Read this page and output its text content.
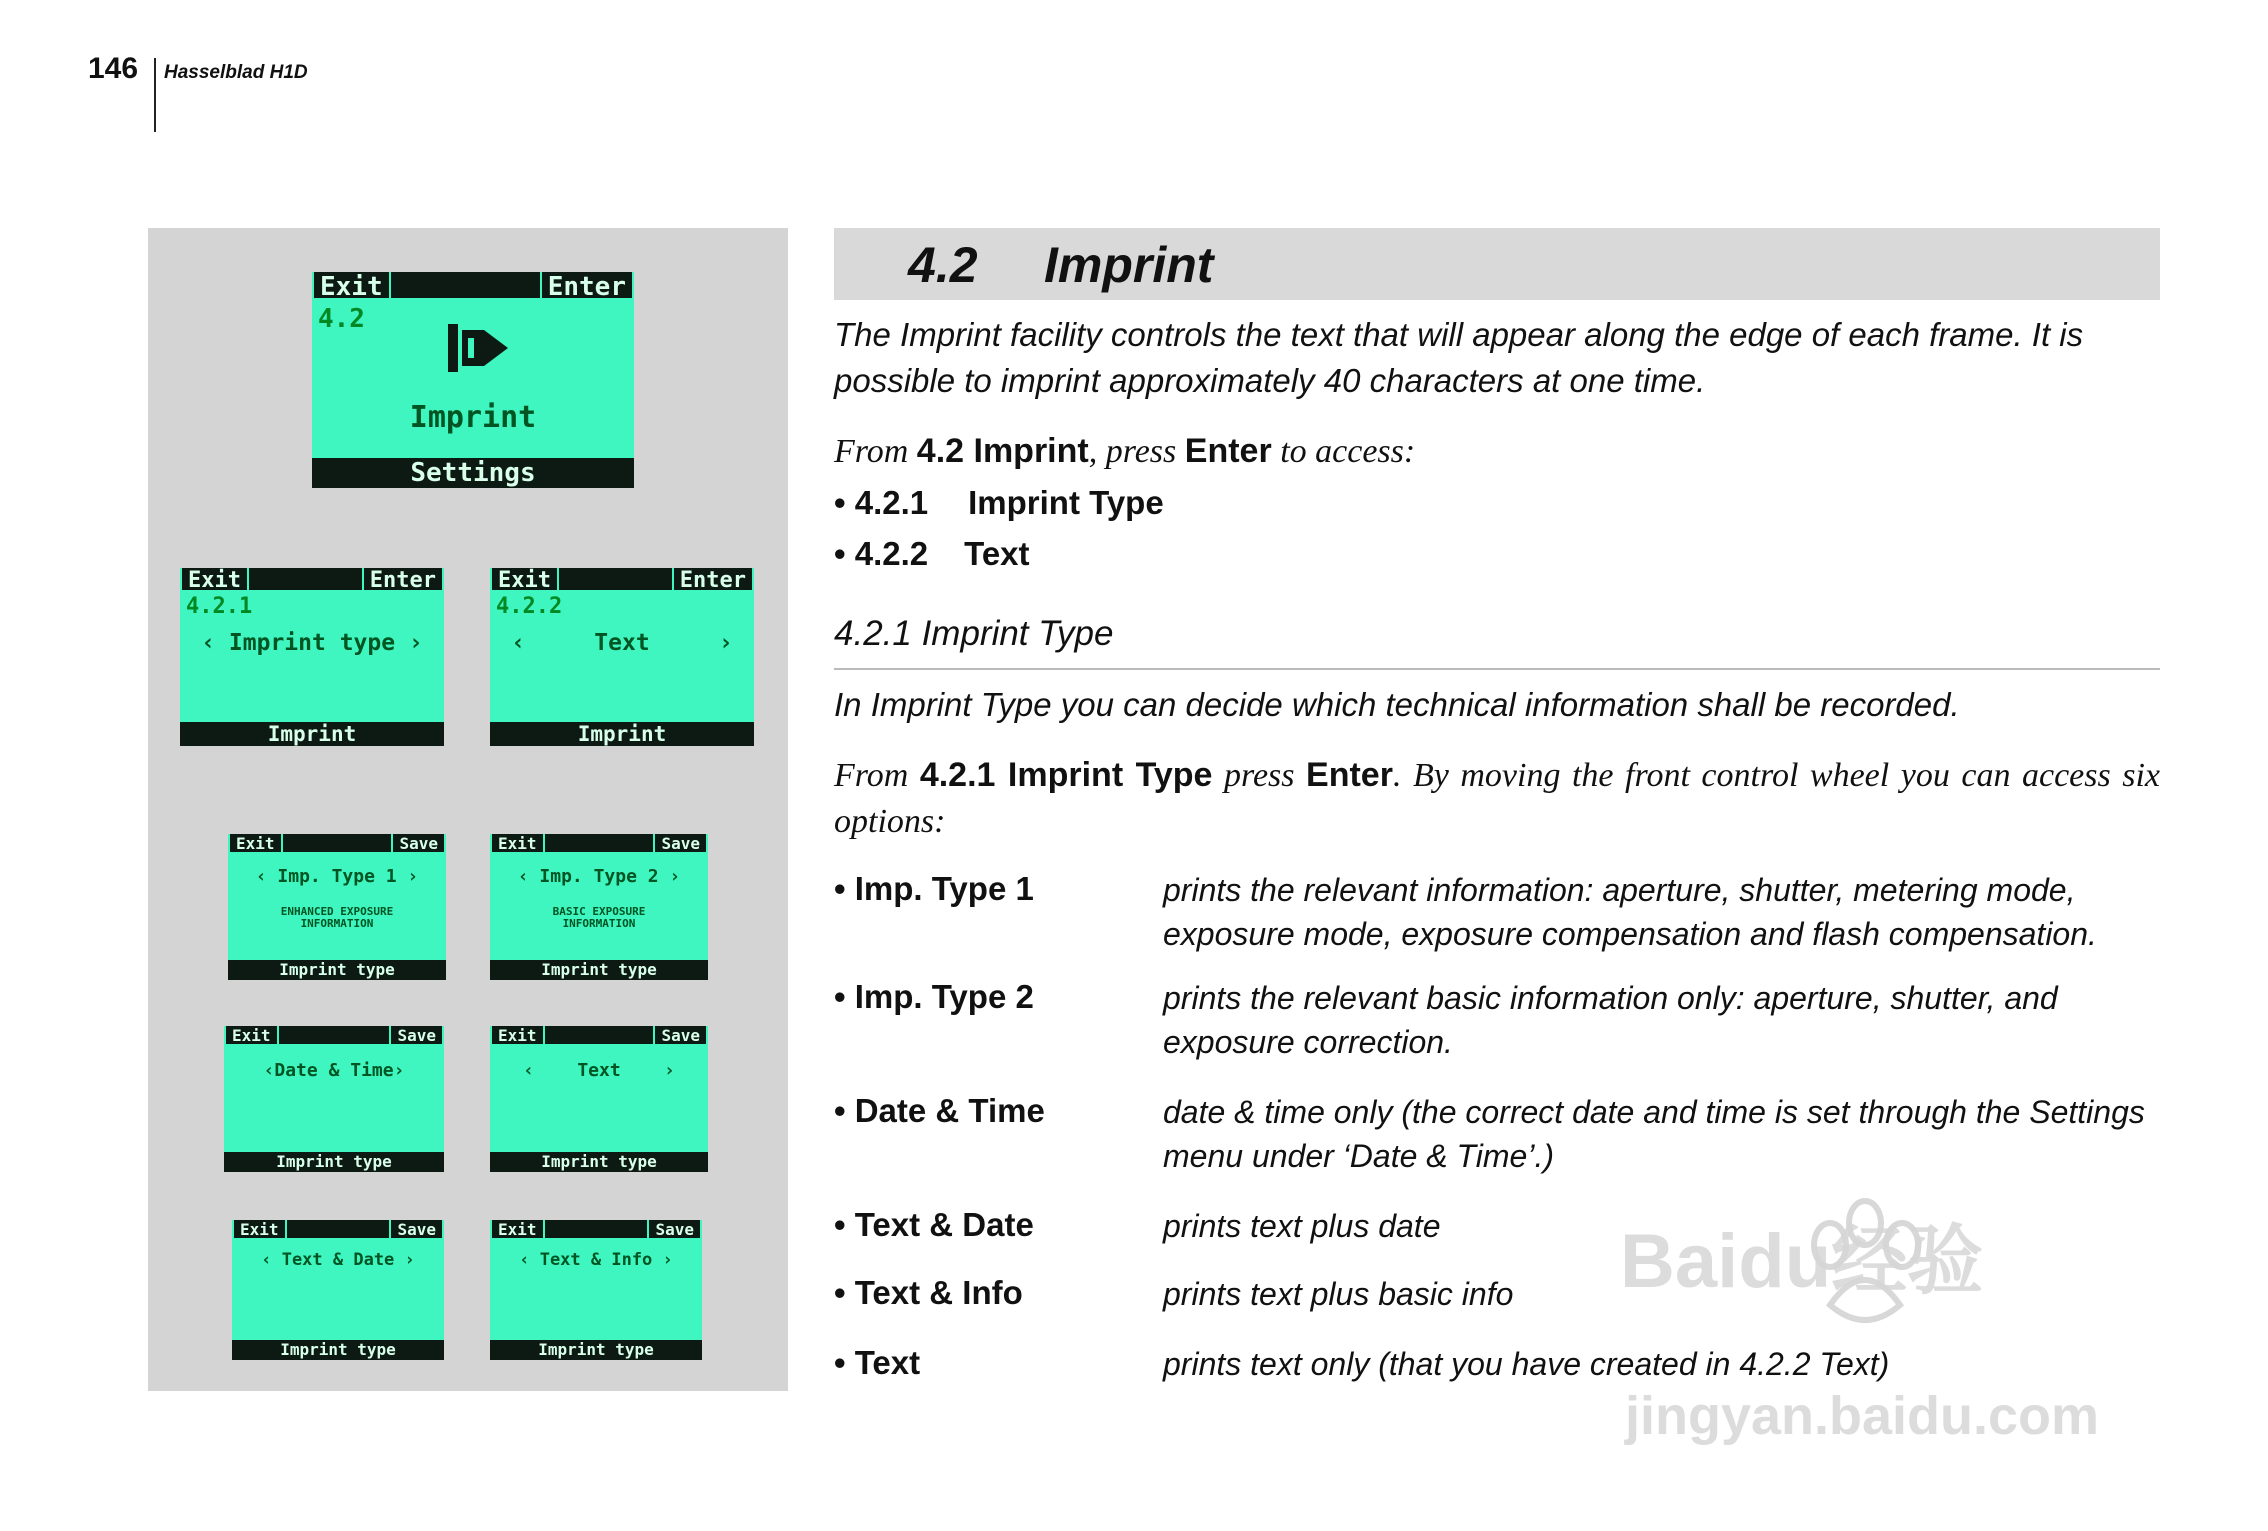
146 Hasselblad H1D
Exit	Enter
4.2
Imprint
Settings
Exit	Enter
4.2.1
‹ Imprint type ›
Imprint
Exit	Enter
4.2.2
‹     Text     ›
Imprint
Exit	Save
‹ Imp. Type 1 ›
ENHANCED EXPOSURE INFORMATION
Imprint type
Exit	Save
‹ Imp. Type 2 ›
BASIC EXPOSURE INFORMATION
Imprint type
Exit	Save
‹Date & Time›
Imprint type
Exit	Save
‹    Text    ›
Imprint type
Exit	Save
‹ Text & Date ›
Imprint type
Exit	Save
‹ Text & Info ›
Imprint type
4.2 Imprint
The Imprint facility controls the text that will appear along the edge of each frame. It is possible to imprint approximately 40 characters at one time.
From 4.2 Imprint, press Enter to access:
• 4.2.1 Imprint Type
• 4.2.2 Text
4.2.1 Imprint Type
In Imprint Type you can decide which technical information shall be recorded.
From 4.2.1 Imprint Type press Enter. By moving the front control wheel you can access six options:
• Imp. Type 1	prints the relevant information: aperture, shutter, metering mode, exposure mode, exposure compensation and flash compensation.
• Imp. Type 2	prints the relevant basic information only: aperture, shutter, and exposure correction.
• Date & Time	date & time only (the correct date and time is set through the Settings menu under ‘Date & Time’.)
• Text & Date	prints text plus date
• Text & Info	prints text plus basic info
• Text	prints text only (that you have created in 4.2.2 Text)
Baidu经验
jingyan.baidu.com
